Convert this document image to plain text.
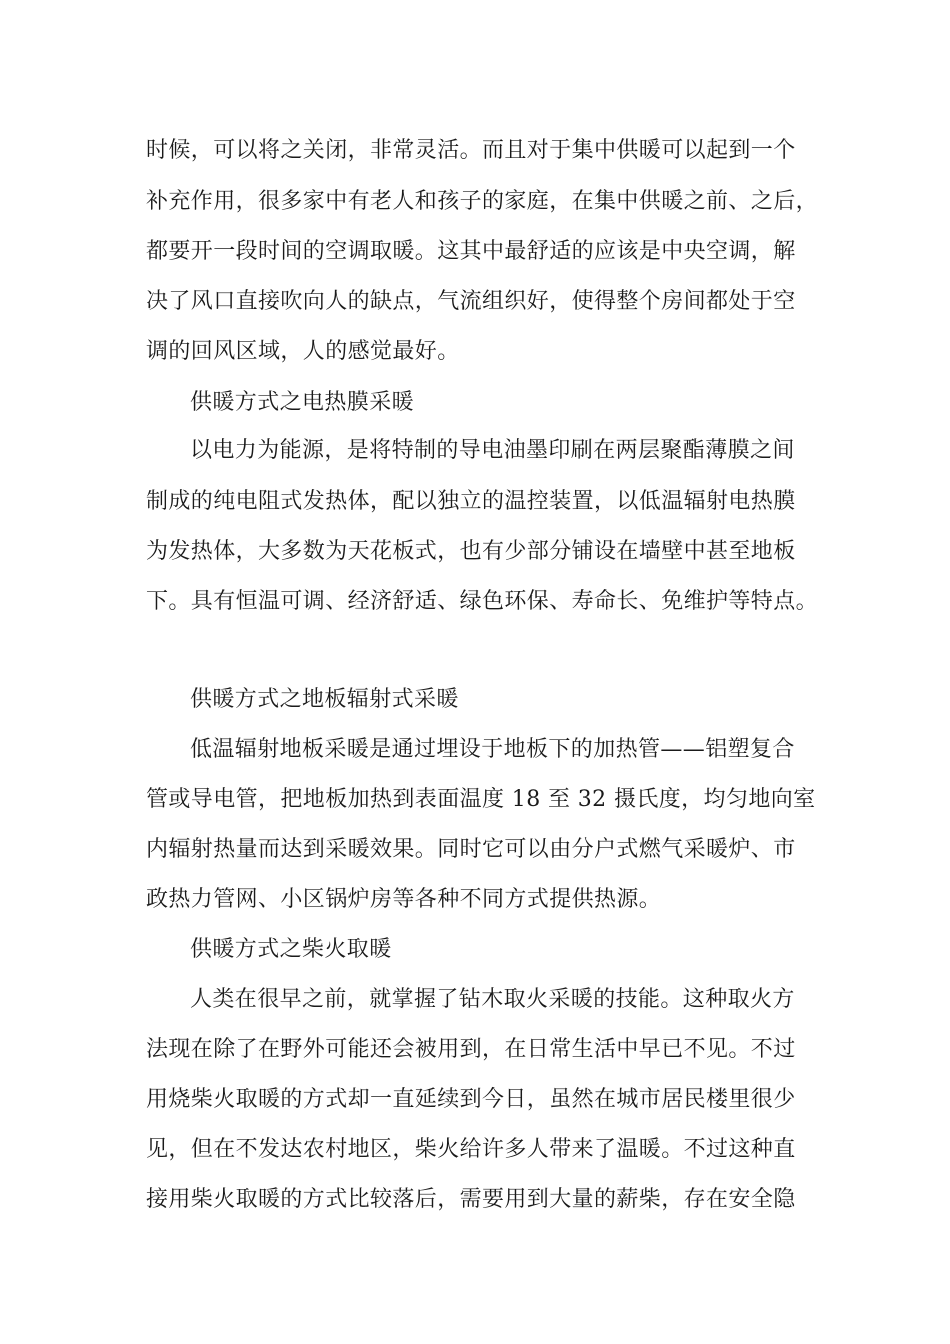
时候，可以将之关闭，非常灵活。而且对于集中供暖可以起到一个
补充作用，很多家中有老人和孩子的家庭，在集中供暖之前、之后，
都要开一段时间的空调取暖。这其中最舒适的应该是中央空调，解
决了风口直接吹向人的缺点，气流组织好，使得整个房间都处于空
调的回风区域，人的感觉最好。
供暖方式之电热膜采暖
以电力为能源，是将特制的导电油墨印刷在两层聚酯薄膜之间
制成的纯电阻式发热体，配以独立的温控装置，以低温辐射电热膜
为发热体，大多数为天花板式，也有少部分铺设在墙壁中甚至地板
下。具有恒温可调、经济舒适、绿色环保、寿命长、免维护等特点。
供暖方式之地板辐射式采暖
低温辐射地板采暖是通过埋设于地板下的加热管——铝塑复合
管或导电管，把地板加热到表面温度 18 至 32 摄氏度，均匀地向室
内辐射热量而达到采暖效果。同时它可以由分户式燃气采暖炉、市
政热力管网、小区锅炉房等各种不同方式提供热源。
供暖方式之柴火取暖
人类在很早之前，就掌握了钻木取火采暖的技能。这种取火方
法现在除了在野外可能还会被用到，在日常生活中早已不见。不过
用烧柴火取暖的方式却一直延续到今日，虽然在城市居民楼里很少
见，但在不发达农村地区，柴火给许多人带来了温暖。不过这种直
接用柴火取暖的方式比较落后，需要用到大量的薪柴，存在安全隐
